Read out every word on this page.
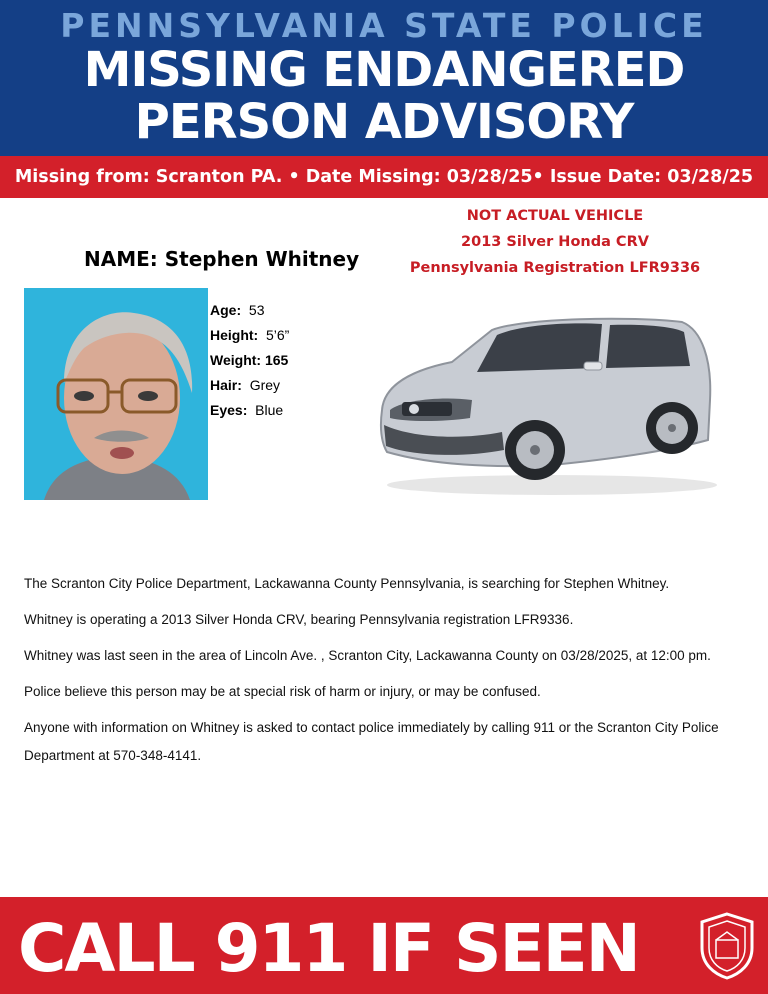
PENNSYLVANIA STATE POLICE
MISSING ENDANGERED
PERSON ADVISORY
Missing from: Scranton PA. • Date Missing: 03/28/25• Issue Date: 03/28/25
NAME: Stephen Whitney
Age: 53
Height: 5’6”
Weight: 165
Hair: Grey
Eyes: Blue
NOT ACTUAL VEHICLE
2013 Silver Honda CRV
Pennsylvania Registration LFR9336

The Scranton City Police Department, Lackawanna County Pennsylvania, is searching for Stephen Whitney.

Whitney is operating a 2013 Silver Honda CRV, bearing Pennsylvania registration LFR9336.

Whitney was last seen in the area of Lincoln Ave. , Scranton City, Lackawanna County on 03/28/2025, at 12:00 pm.

Police believe this person may be at special risk of harm or injury, or may be confused.

Anyone with information on Whitney is asked to contact police immediately by calling 911 or the Scranton City Police Department at 570-348-4141.

CALL 911 IF SEEN
